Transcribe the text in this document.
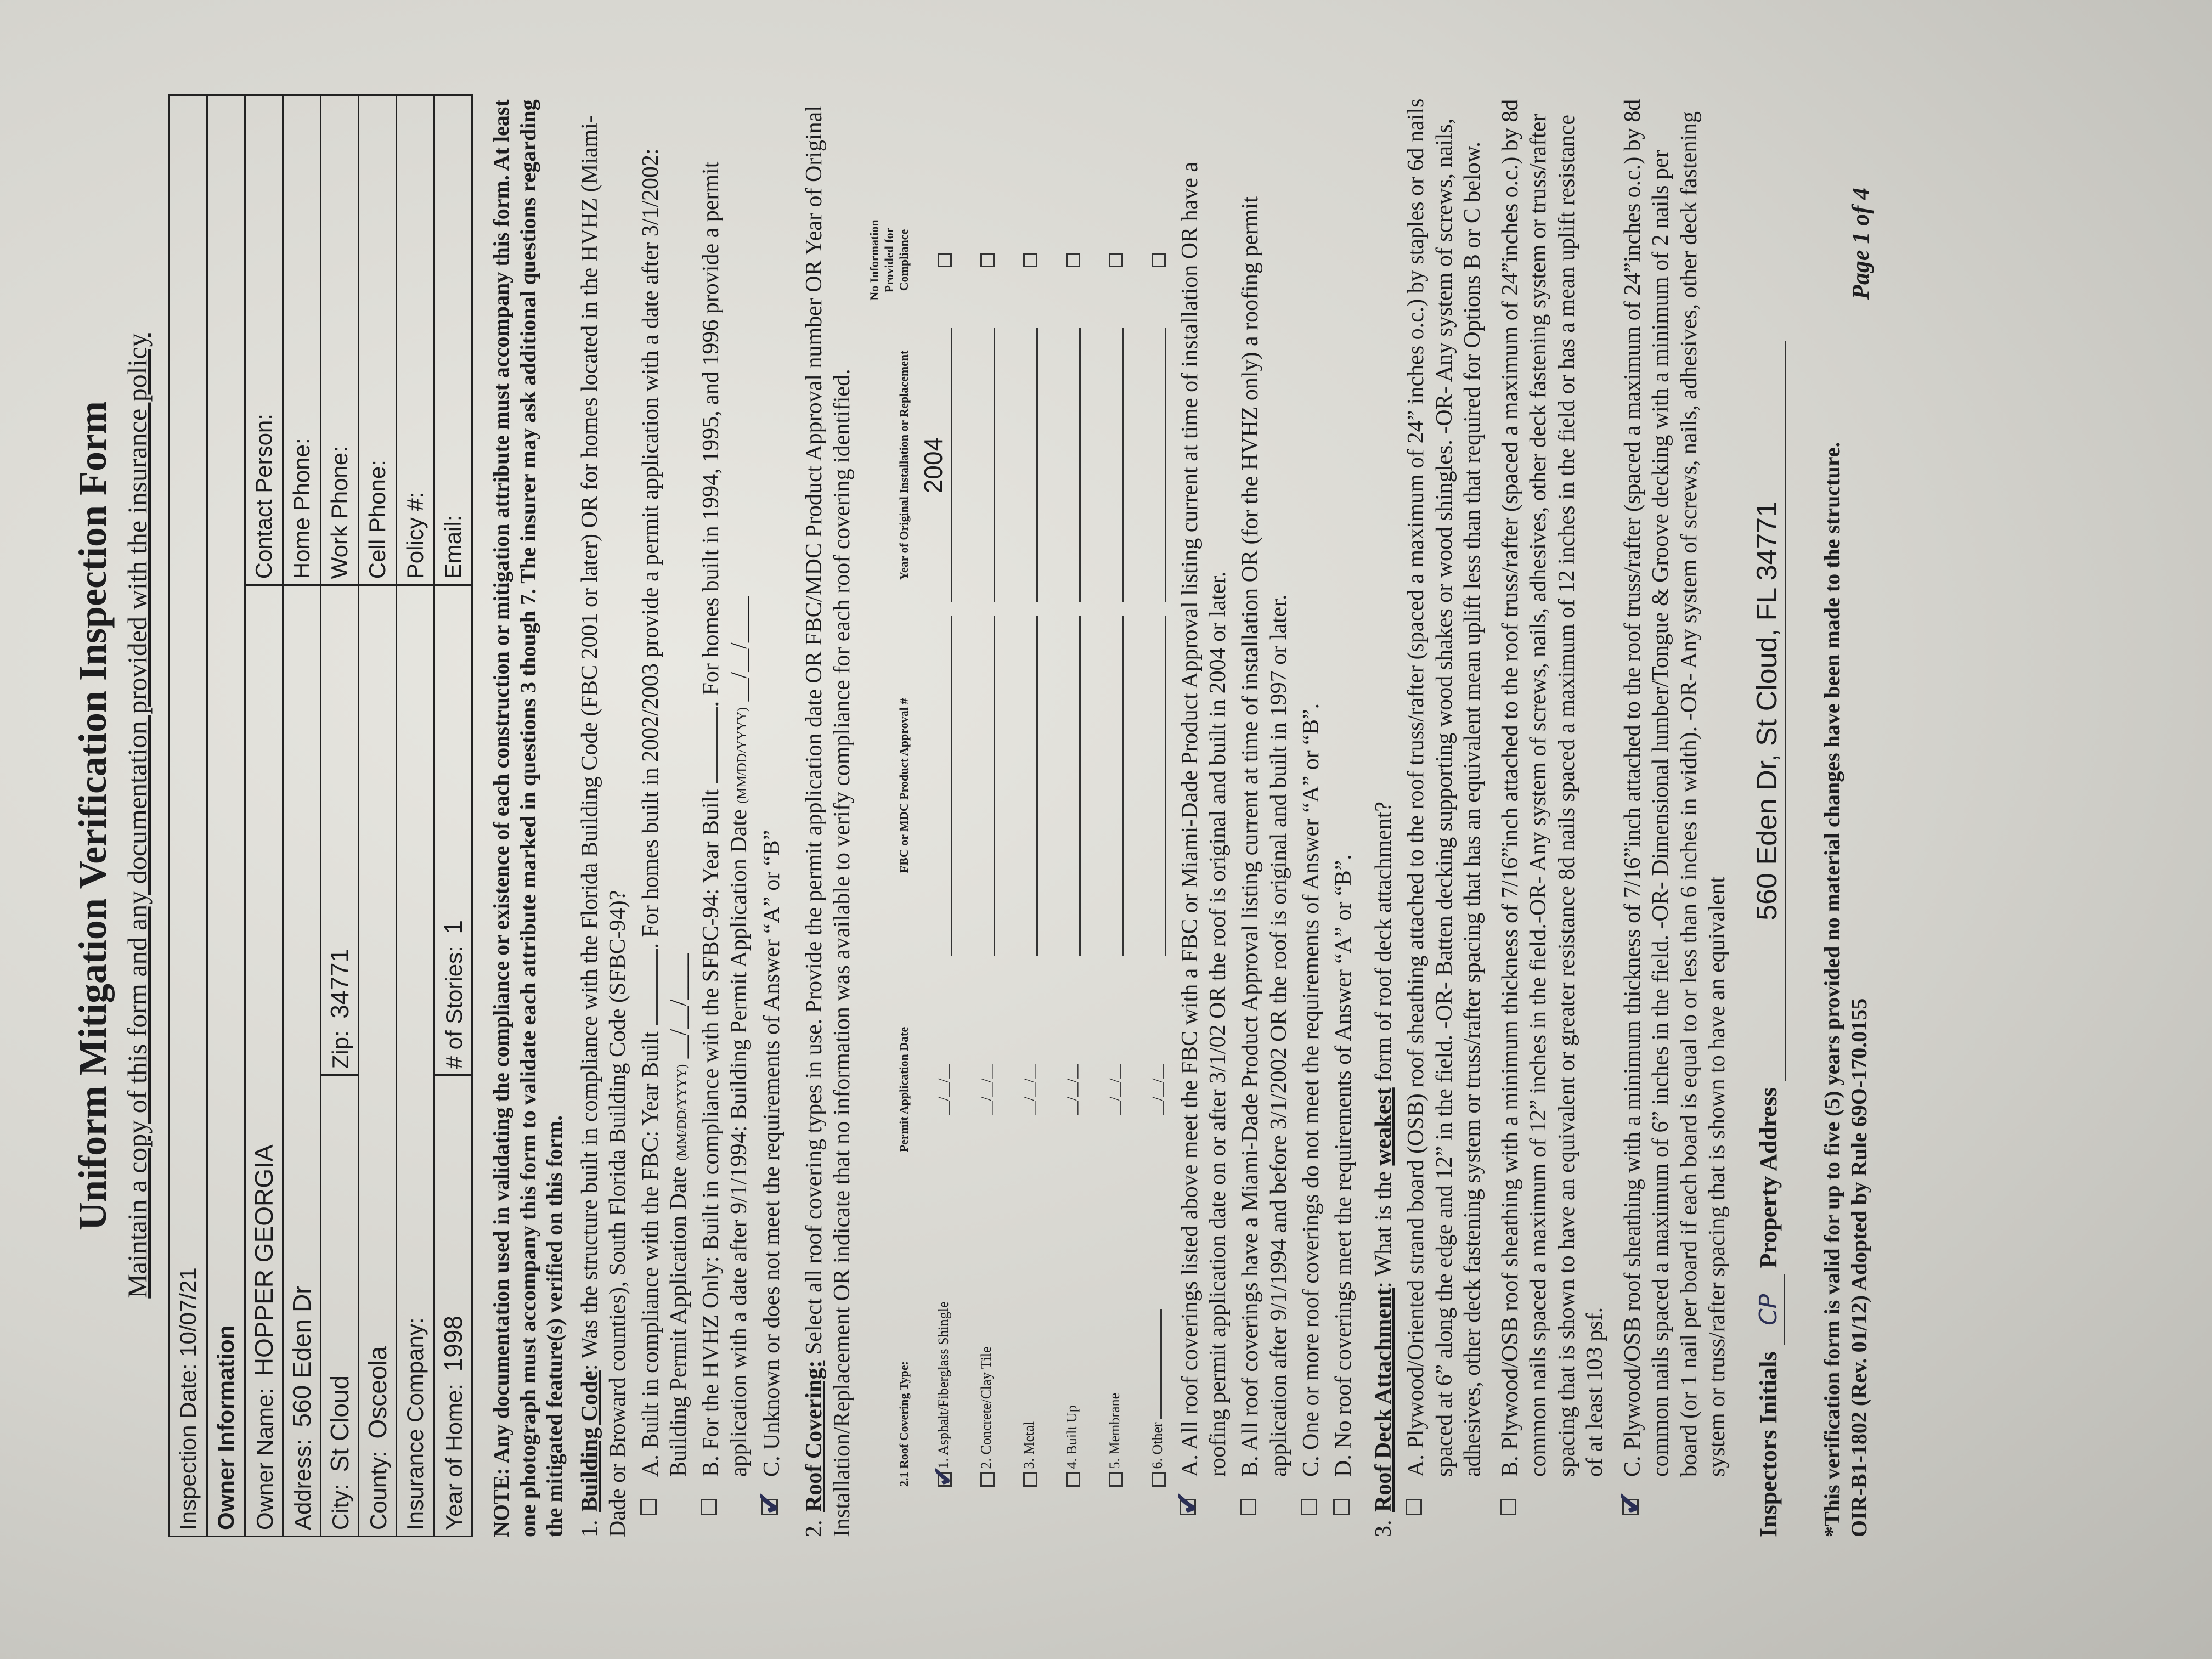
Uniform Mitigation Verification Inspection Form Maintain a copy of this form and any documentation provided with the insurance policy
Inspection Date: 10/07/21		
Owner Information		
Owner Name: HOPPER GEORGIA		Contact Person:
Address: 560 Eden Dr		Home Phone:
City: St Cloud	Zip: 34771	Work Phone:
County: Osceola		Cell Phone:
Insurance Company:		Policy #:
Year of Home: 1998	# of Stories: 1	Email: NOTE: Any documentation used in validating the compliance or existence of each construction or mitigation attribute must accompany this form. At least one photograph must accompany this form to validate each attribute marked in questions 3 though 7. The insurer may ask additional questions regarding the mitigated feature(s) verified on this form. 1.Building Code: Was the structure built in compliance with the Florida Building Code (FBC 2001 or later) OR for homes located in the HVHZ (Miami-Dade or Broward counties), South Florida Building Code (SFBC-94)? A. Built in compliance with the FBC: Year Built . For homes built in 2002/2003 provide a permit application with a date after 3/1/2002: Building Permit Application Date (MM/DD/YYYY) __/__/____ B. For the HVHZ Only: Built in compliance with the SFBC-94: Year Built . For homes built in 1994, 1995, and 1996 provide a permit application with a date after 9/1/1994: Building Permit Application Date (MM/DD/YYYY) __/__/____
✔
C. Unknown or does not meet the requirements of Answer “A” or “B”
2.Roof Covering: Select all roof covering types in use. Provide the permit application date OR FBC/MDC Product Approval number OR Year of Original Installation/Replacement OR indicate that no information was available to verify compliance for each roof covering identified.	2.1 Roof Covering Type:	Permit Application Date	FBC or MDC Product Approval #	Year of Original Installation or Replacement	No Information Provided for Compliance
✔ 1. Asphalt/Fiberglass Shingle	__/__/__		2004	

2. Concrete/Clay Tile	__/__/__	

3. Metal	__/__/__	

4. Built Up	__/__/__	

5. Membrane	__/__/__	

6. Other	__/__/__	

✔ A. All roof coverings listed above meet the FBC with a FBC or Miami-Dade Product Approval listing current at time of installation OR have a roofing permit application date on or after 3/1/02 OR the roof is original and built in 2004 or later. B. All roof coverings have a Miami-Dade Product Approval listing current at time of installation OR (for the HVHZ only) a roofing permit application after 9/1/1994 and before 3/1/2002 OR the roof is original and built in 1997 or later. C. One or more roof coverings do not meet the requirements of Answer “A” or “B”. D. No roof coverings meet the requirements of Answer “A” or “B”.
3.Roof Deck Attachment: What is the weakest form of roof deck attachment? A. Plywood/Oriented strand board (OSB) roof sheathing attached to the roof truss/rafter (spaced a maximum of 24” inches o.c.) by staples or 6d nails spaced at 6” along the edge and 12” in the field. -OR- Batten decking supporting wood shakes or wood shingles. -OR- Any system of screws, nails, adhesives, other deck fastening system or truss/rafter spacing that has an equivalent mean uplift less than that required for Options B or C below. B. Plywood/OSB roof sheathing with a minimum thickness of 7/16”inch attached to the roof truss/rafter (spaced a maximum of 24”inches o.c.) by 8d common nails spaced a maximum of 12” inches in the field.-OR- Any system of screws, nails, adhesives, other deck fastening system or truss/rafter spacing that is shown to have an equivalent or greater resistance 8d nails spaced a maximum of 12 inches in the field or has a mean uplift resistance of at least 103 psf.
✔ C. Plywood/OSB roof sheathing with a minimum thickness of 7/16”inch attached to the roof truss/rafter (spaced a maximum of 24”inches o.c.) by 8d common nails spaced a maximum of 6” inches in the field. -OR- Dimensional lumber/Tongue & Groove decking with a minimum of 2 nails per board (or 1 nail per board if each board is equal to or less than 6 inches in width). -OR- Any system of screws, nails, adhesives, other deck fastening system or truss/rafter spacing that is shown to have an equivalent Inspectors Initials CP Property Address 560 Eden Dr, St Cloud, FL 34771 *This verification form is valid for up to five (5) years provided no material changes have been made to the structure. OIR-B1-1802 (Rev. 01/12) Adopted by Rule 69O-170.0155
Page 1 of 4
